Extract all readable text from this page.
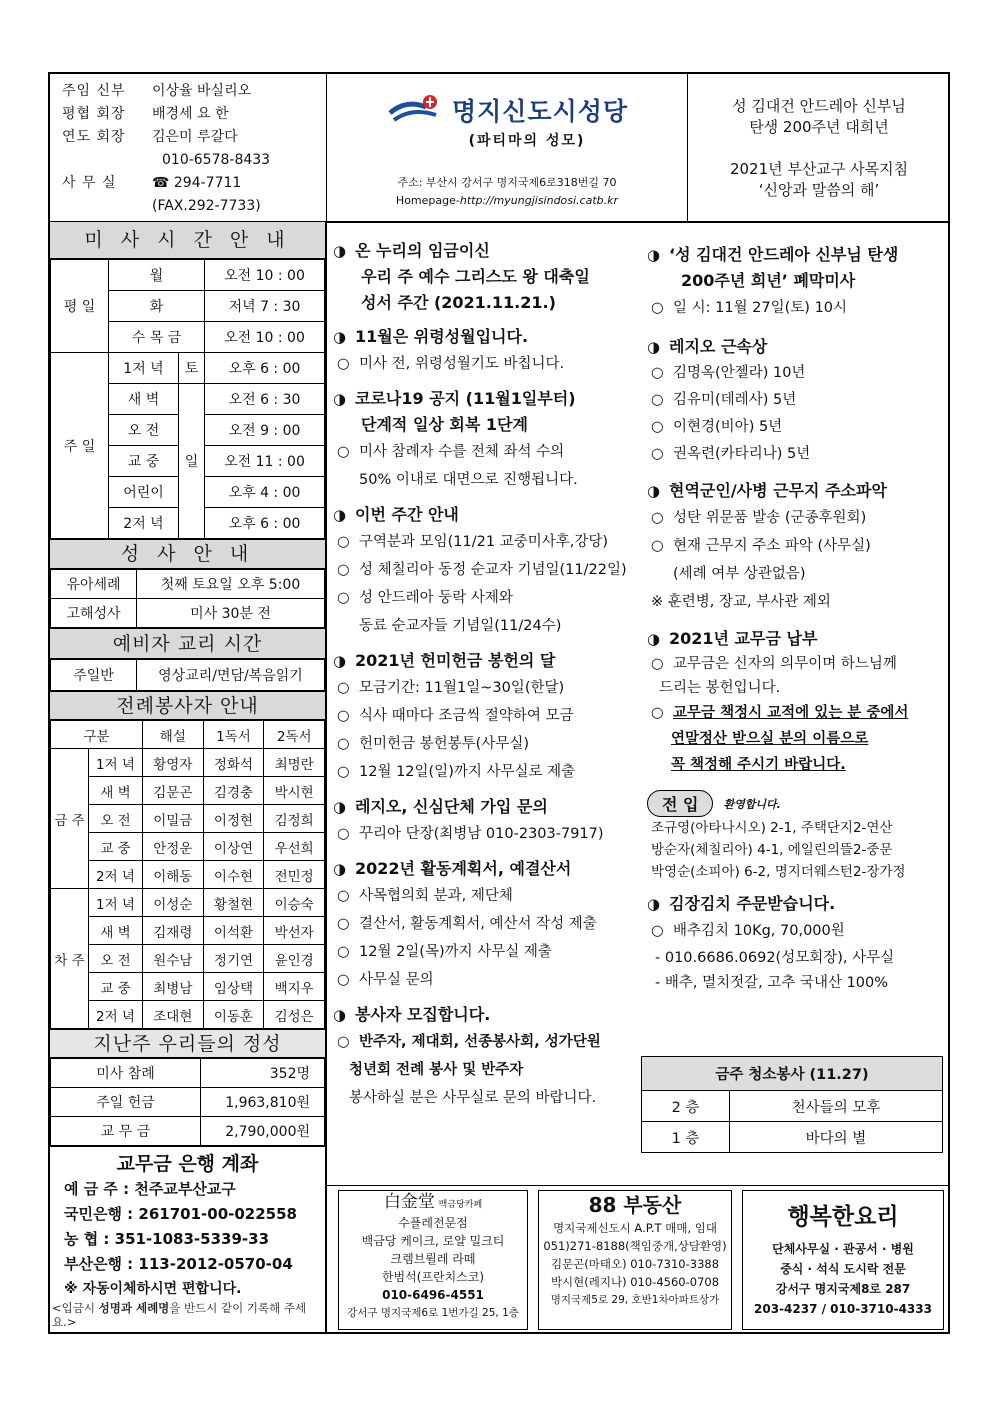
주임 신부	이상율 바실리오
평협 회장	배경세 요 한
연도 회장	김은미 루갈다
010-6578-8433
사 무 실	☎ 294-7711
(FAX.292-7733)
명지신도시성당
(파티마의 성모)
주소: 부산시 강서구 명지국제6로318번길 70
Homepage-http://myungjisindosi.catb.kr
성 김대건 안드레아 신부님
탄생 200주년 대희년
2021년 부산교구 사목지침
‘신앙과 말씀의 해’
미 사 시 간 안 내
평 일	월		오전 10 : 00
	화		저녁 7 : 30
	수 목 금		오전 10 : 00
주 일	1저 녁	토	오후 6 : 00
	새 벽	일	오전 6 : 30
	오 전		오전 9 : 00
	교 중		오전 11 : 00
	어린이		오후 4 : 00
	2저 녁		오후 6 : 00
성 사 안 내
유아세례	첫째 토요일 오후 5:00
고해성사	미사 30분 전
예비자 교리 시간
주일반	영상교리/면담/복음읽기
전례봉사자 안내
구분		해설	1독서	2독서
금 주	1저 녁	황영자	정화석	최명란
	새 벽	김문곤	김경충	박시현
	오 전	이밀금	이정현	김정희
	교 중	안정운	이상연	우선희
	2저 녁	이해동	이수현	전민정
차 주	1저 녁	이성순	황철현	이승숙
	새 벽	김재령	이석환	박선자
	오 전	원수남	정기연	윤인경
	교 중	최병남	임상택	백지우
	2저 녁	조대현	이동훈	김성은
지난주 우리들의 정성
미사 참례	352명
주일 헌금	1,963,810원
교 무 금	2,790,000원
교무금 은행 계좌
예 금 주 : 천주교부산교구
국민은행 : 261701-00-022558
농 협 : 351-1083-5339-33
부산은행 : 113-2012-0570-04
※ 자동이체하시면 편합니다.
<입금시 성명과 세례명을 반드시 같이 기록해 주세요.>
◑ 온 누리의 임금이신
우리 주 예수 그리스도 왕 대축일
성서 주간 (2021.11.21.)
◑ 11월은 위령성월입니다.
○ 미사 전, 위령성월기도 바칩니다.
◑ 코로나19 공지 (11월1일부터)
단계적 일상 회복 1단계
○ 미사 참례자 수를 전체 좌석 수의
50% 이내로 대면으로 진행됩니다.
◑ 이번 주간 안내
○ 구역분과 모임(11/21 교중미사후,강당)
○ 성 체칠리아 동정 순교자 기념일(11/22일)
○ 성 안드레아 둥락 사제와
동료 순교자들 기념일(11/24수)
◑ 2021년 헌미헌금 봉헌의 달
○ 모금기간: 11월1일~30일(한달)
○ 식사 때마다 조금씩 절약하여 모금
○ 헌미헌금 봉헌봉투(사무실)
○ 12월 12일(일)까지 사무실로 제출
◑ 레지오, 신심단체 가입 문의
○ 꾸리아 단장(최병남 010-2303-7917)
◑ 2022년 활동계획서, 예결산서
○ 사목협의회 분과, 제단체
○ 결산서, 활동계획서, 예산서 작성 제출
○ 12월 2일(목)까지 사무실 제출
○ 사무실 문의
◑ 봉사자 모집합니다.
○ 반주자, 제대회, 선종봉사회, 성가단원
청년회 전례 봉사 및 반주자
봉사하실 분은 사무실로 문의 바랍니다.
◑ ‘성 김대건 안드레아 신부님 탄생
200주년 희년’ 폐막미사
○ 일 시: 11월 27일(토) 10시
◑ 레지오 근속상
○ 김명옥(안젤라) 10년
○ 김유미(데레사) 5년
○ 이현경(비아) 5년
○ 권옥련(카타리나) 5년
◑ 현역군인/사병 근무지 주소파악
○ 성탄 위문품 발송 (군종후원회)
○ 현재 근무지 주소 파악 (사무실)
(세례 여부 상관없음)
※ 훈련병, 장교, 부사관 제외
◑ 2021년 교무금 납부
○ 교무금은 신자의 의무이며 하느님께
드리는 봉헌입니다.
○ 교무금 책정시 교적에 있는 분 중에서
연말정산 받으실 분의 이름으로
꼭 책정해 주시기 바랍니다.
전 입	환영합니다.
조규영(아타나시오) 2-1, 주택단지2-연산
방순자(체칠리아) 4-1, 에일린의뜰2-중문
박영순(소피아) 6-2, 명지더웨스턴2-장가정
◑ 김장김치 주문받습니다.
○ 배추김치 10Kg, 70,000원
- 010.6686.0692(성모회장), 사무실
- 배추, 멸치젓갈, 고추 국내산 100%
금주 청소봉사 (11.27)	
2 층	천사들의 모후
1 층	바다의 별
白金堂 백금당카페
수플레전문점
백금당 케이크, 로얄 밀크티
크렘브륄레 라떼
한범석(프란치스코)
010-6496-4551
강서구 명지국제6로 1번가길 25, 1층
88 부동산
명지국제신도시 A.P.T 매매, 임대
051)271-8188(책임중개,상담환영)
김문곤(마태오) 010-7310-3388
박시현(레지나) 010-4560-0708
명지국제5로 29, 호반1차아파트상가
행복한요리
단체사무실 · 관공서 · 병원
중식 · 석식 도시락 전문
강서구 명지국제8로 287
203-4237 / 010-3710-4333
